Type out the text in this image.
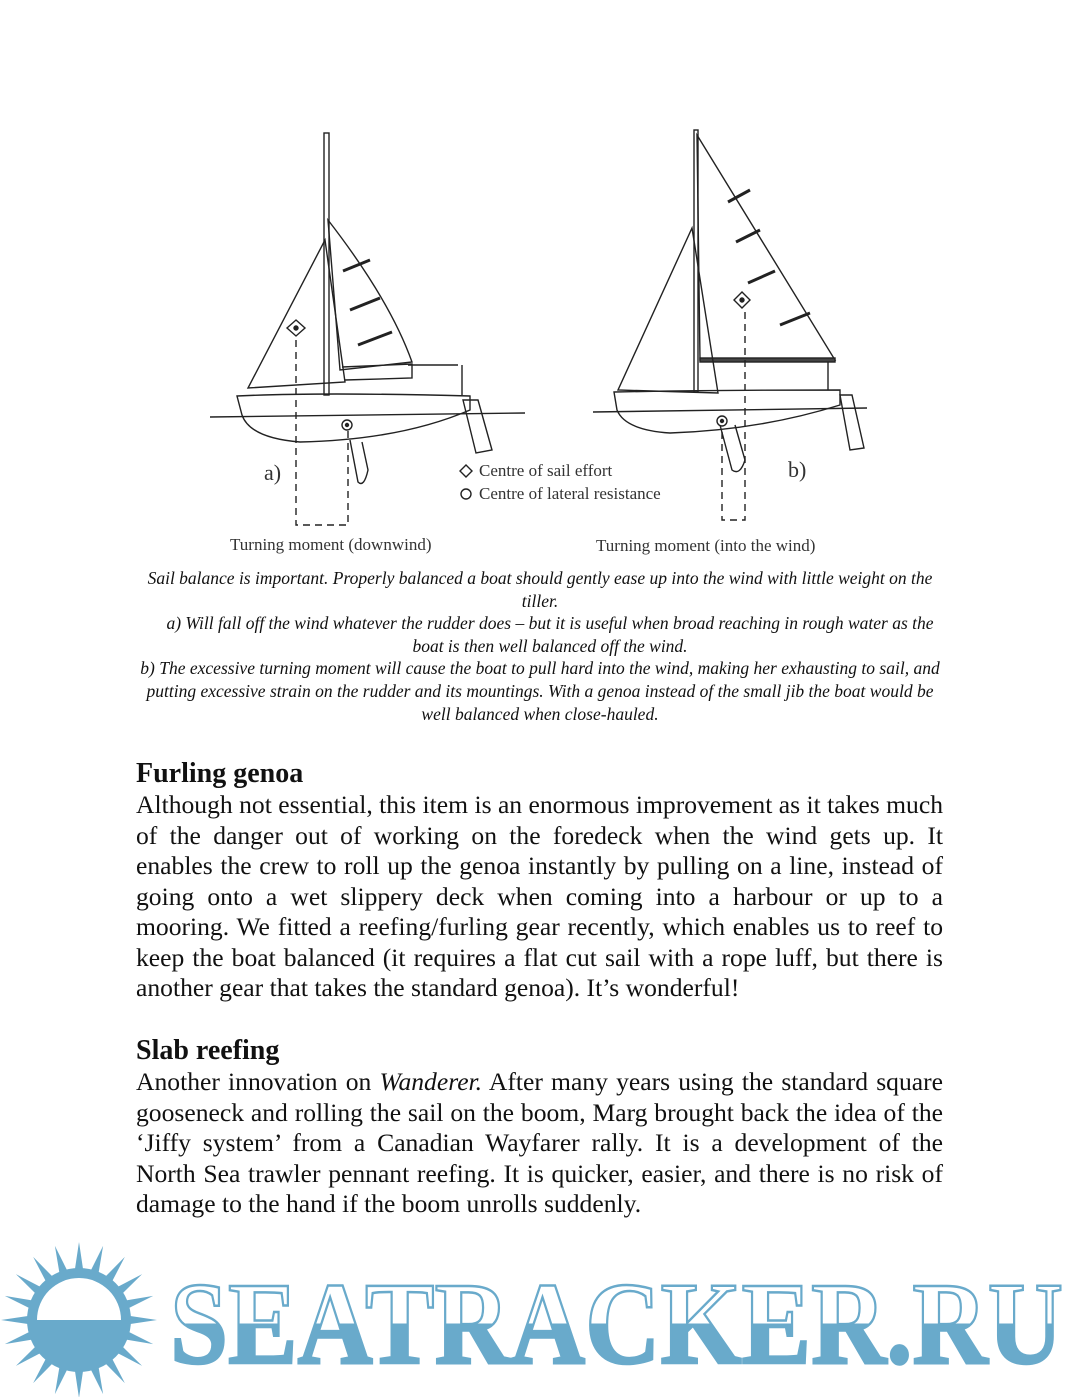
a)	b)
Centre of sail effort
Centre of lateral resistance
Turning moment (downwind)	Turning moment (into the wind)

Sail balance is important. Properly balanced a boat should gently ease up into the wind with little weight on the tiller.

a) Will fall off the wind whatever the rudder does – but it is useful when broad reaching in rough water as the boat is then well balanced off the wind.

b) The excessive turning moment will cause the boat to pull hard into the wind, making her exhausting to sail, and putting excessive strain on the rudder and its mountings. With a genoa instead of the small jib the boat would be well balanced when close-hauled.

Furling genoa

Although not essential, this item is an enormous improvement as it takes much of the danger out of working on the foredeck when the wind gets up. It enables the crew to roll up the genoa instantly by pulling on a line, instead of going onto a wet slippery deck when coming into a harbour or up to a mooring. We fitted a reefing/furling gear recently, which enables us to reef to keep the boat balanced (it requires a flat cut sail with a rope luff, but there is another gear that takes the standard genoa). It’s wonderful!

Slab reefing

Another innovation on Wanderer. After many years using the standard square gooseneck and rolling the sail on the boom, Marg brought back the idea of the ‘Jiffy system’ from a Canadian Wayfarer rally. It is a development of the North Sea trawler pennant reefing. It is quicker, easier, and there is no risk of damage to the hand if the boom unrolls suddenly.

SEATRACKER.RU
